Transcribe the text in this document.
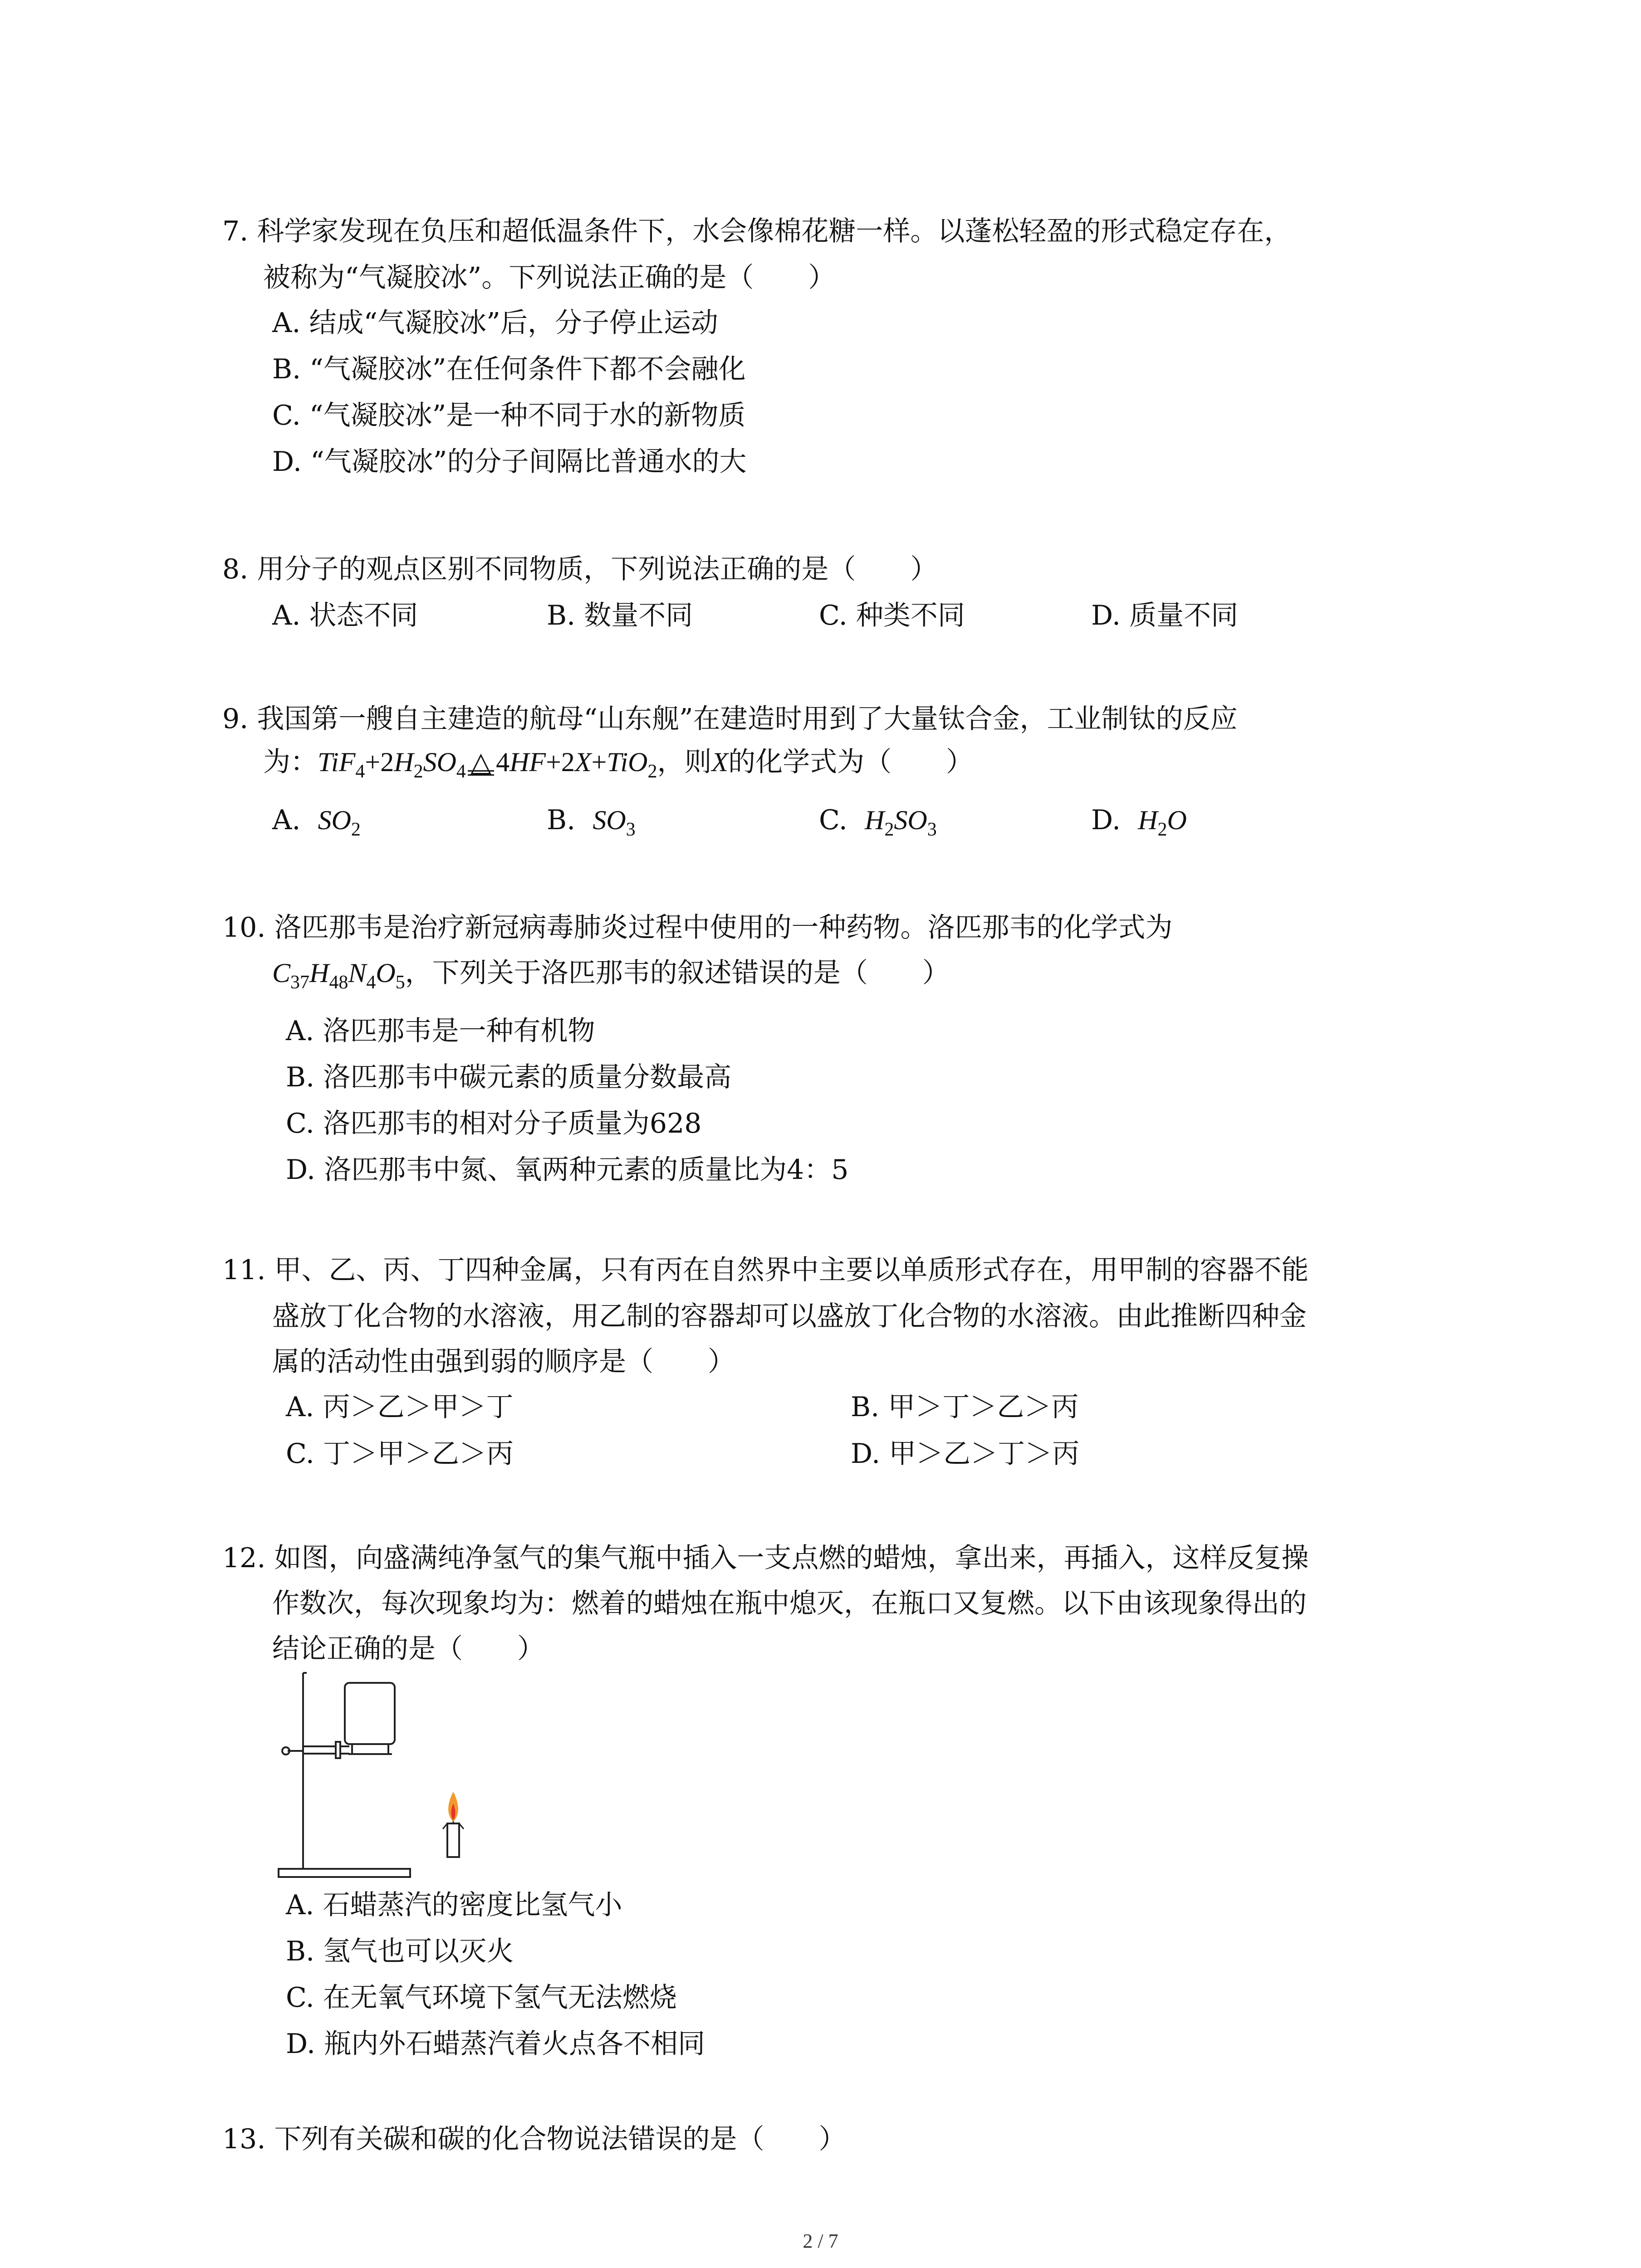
7. 科学家发现在负压和超低温条件下，水会像棉花糖一样。以蓬松轻盈的形式稳定存在，
被称为“气凝胶冰”。下列说法正确的是（　　）
A. 结成“气凝胶冰”后，分子停止运动
B. “气凝胶冰”在任何条件下都不会融化
C. “气凝胶冰”是一种不同于水的新物质
D. “气凝胶冰”的分子间隔比普通水的大
8. 用分子的观点区别不同物质，下列说法正确的是（　　）
A. 状态不同	B. 数量不同	C. 种类不同	D. 质量不同
9. 我国第一艘自主建造的航母“山东舰”在建造时用到了大量钛合金，工业制钛的反应
为：$TiF_4+2H_2SO_4$ △ 4HF+2X+TiO$_2$，则X的化学式为（　　）
A. $SO_2$	B. $SO_3$	C. $H_2SO_3$	D. $H_2O$
10. 洛匹那韦是治疗新冠病毒肺炎过程中使用的一种药物。洛匹那韦的化学式为
$C_{37}H_{48}N_4O_5$，下列关于洛匹那韦的叙述错误的是（　　）
A. 洛匹那韦是一种有机物
B. 洛匹那韦中碳元素的质量分数最高
C. 洛匹那韦的相对分子质量为628
D. 洛匹那韦中氮、氧两种元素的质量比为4：5
11. 甲、乙、丙、丁四种金属，只有丙在自然界中主要以单质形式存在，用甲制的容器不能
盛放丁化合物的水溶液，用乙制的容器却可以盛放丁化合物的水溶液。由此推断四种金
属的活动性由强到弱的顺序是（　　）
A. 丙＞乙＞甲＞丁	B. 甲＞丁＞乙＞丙
C. 丁＞甲＞乙＞丙	D. 甲＞乙＞丁＞丙
12. 如图，向盛满纯净氢气的集气瓶中插入一支点燃的蜡烛，拿出来，再插入，这样反复操
作数次，每次现象均为：燃着的蜡烛在瓶中熄灭，在瓶口又复燃。以下由该现象得出的
结论正确的是（　　）
A. 石蜡蒸汽的密度比氢气小
B. 氢气也可以灭火
C. 在无氧气环境下氢气无法燃烧
D. 瓶内外石蜡蒸汽着火点各不相同
13. 下列有关碳和碳的化合物说法错误的是（　　）
2 / 7
